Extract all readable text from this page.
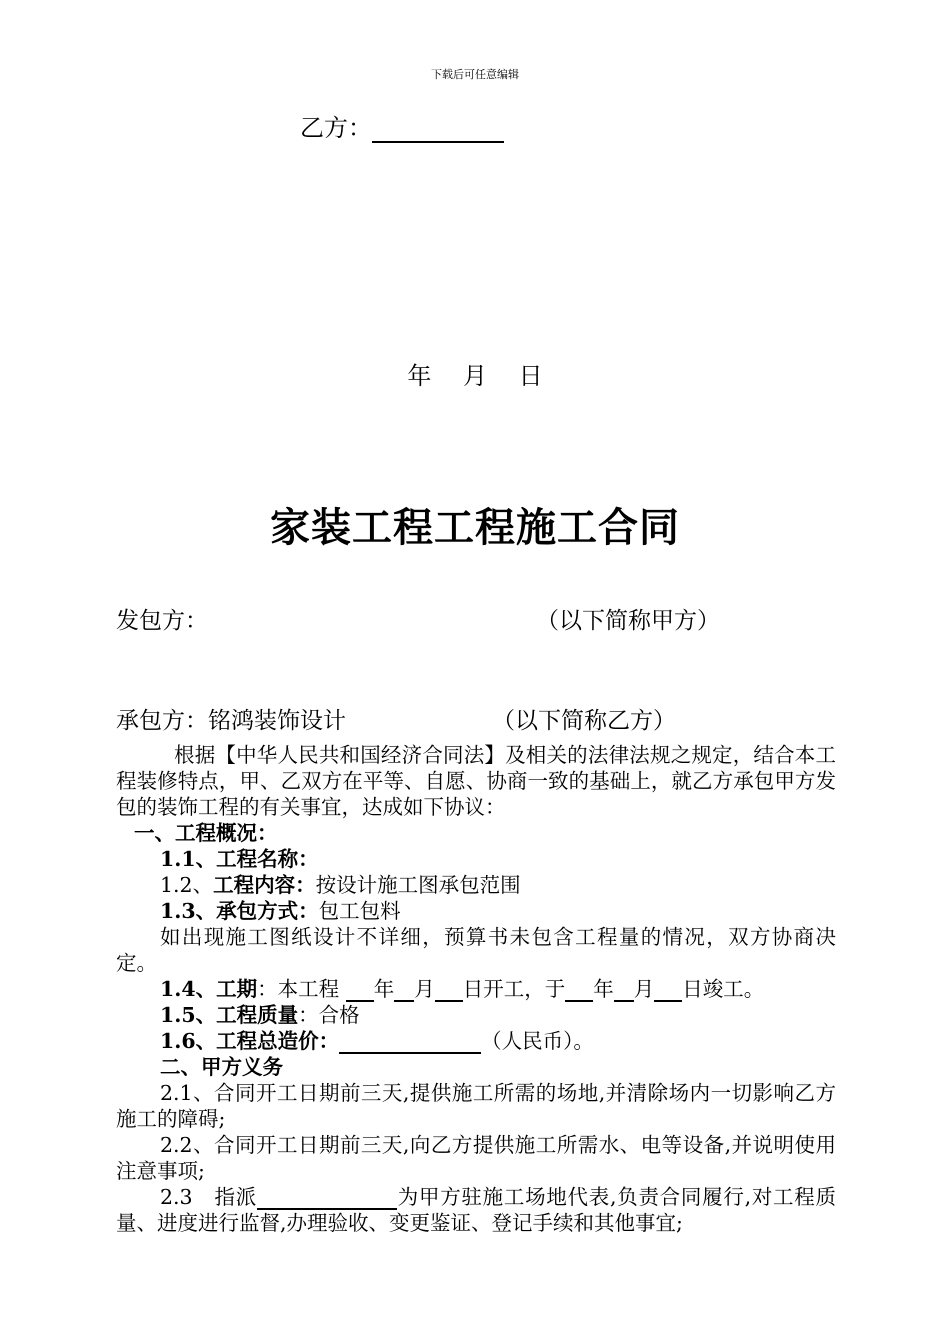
下载后可任意编辑
乙方：
年 月 日
家装工程工程施工合同
发包方：	（以下简称甲方）
承包方：铭鸿装饰设计	（以下简称乙方）

根据【中华人民共和国经济合同法】及相关的法律法规之规定，结合本工程装修特点，甲、乙双方在平等、自愿、协商一致的基础上，就乙方承包甲方发包的装饰工程的有关事宜，达成如下协议：

一、工程概况：

1.1、工程名称：

1.2、工程内容：按设计施工图承包范围

1.3、承包方式：包工包料

如出现施工图纸设计不详细，预算书未包含工程量的情况，双方协商决定。

1.4、工期：本工程 年 月 日开工，于 年 月 日竣工。

1.5、工程质量：合格

1.6、工程总造价：	（人民币）。

二、甲方义务

2.1、合同开工日期前三天,提供施工所需的场地,并清除场内一切影响乙方施工的障碍;

2.2、合同开工日期前三天,向乙方提供施工所需水、电等设备,并说明使用注意事项;

2.3　指派	为甲方驻施工场地代表,负责合同履行,对工程质量、进度进行监督,办理验收、变更鉴证、登记手续和其他事宜;
